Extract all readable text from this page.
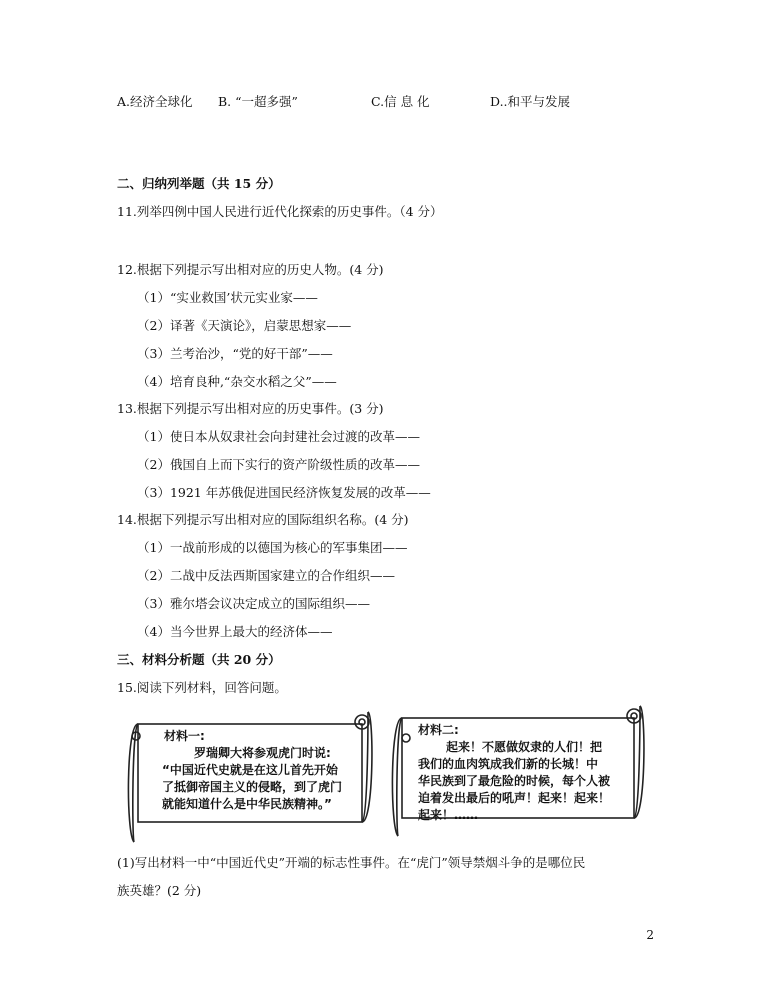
A.经济全球化 B. “一超多强”	C.信 息 化	D..和平与发展
二、归纳列举题（共 15 分）
11.列举四例中国人民进行近代化探索的历史事件。（4 分）
12.根据下列提示写出相对应的历史人物。(4 分)
（1）“实业救国’状元实业家——
（2）译著《天演论》，启蒙思想家——
（3）兰考治沙，“党的好干部”——
（4）培育良种,“杂交水稻之父”——
13.根据下列提示写出相对应的历史事件。(3 分)
（1）使日本从奴隶社会向封建社会过渡的改革——
（2）俄国自上而下实行的资产阶级性质的改革——
（3）1921 年苏俄促进国民经济恢复发展的改革——
14.根据下列提示写出相对应的国际组织名称。(4 分)
（1）一战前形成的以德国为核心的军事集团——
（2）二战中反法西斯国家建立的合作组织——
（3）雅尔塔会议决定成立的国际组织——
（4）当今世界上最大的经济体——
三、材料分析题（共 20 分）
15.阅读下列材料，回答问题。
材料一:
罗瑞卿大将参观虎门时说:
“中国近代史就是在这儿首先开始
了抵御帝国主义的侵略，到了虎门
就能知道什么是中华民族精神。”
材料二:
起来！不愿做奴隶的人们！把
我们的血肉筑成我们新的长城！中
华民族到了最危险的时候，每个人被
迫着发出最后的吼声！起来！起来！
起来！……
(1)写出材料一中“中国近代史”开端的标志性事件。在“虎门”领导禁烟斗争的是哪位民
族英雄？(2 分)
2
